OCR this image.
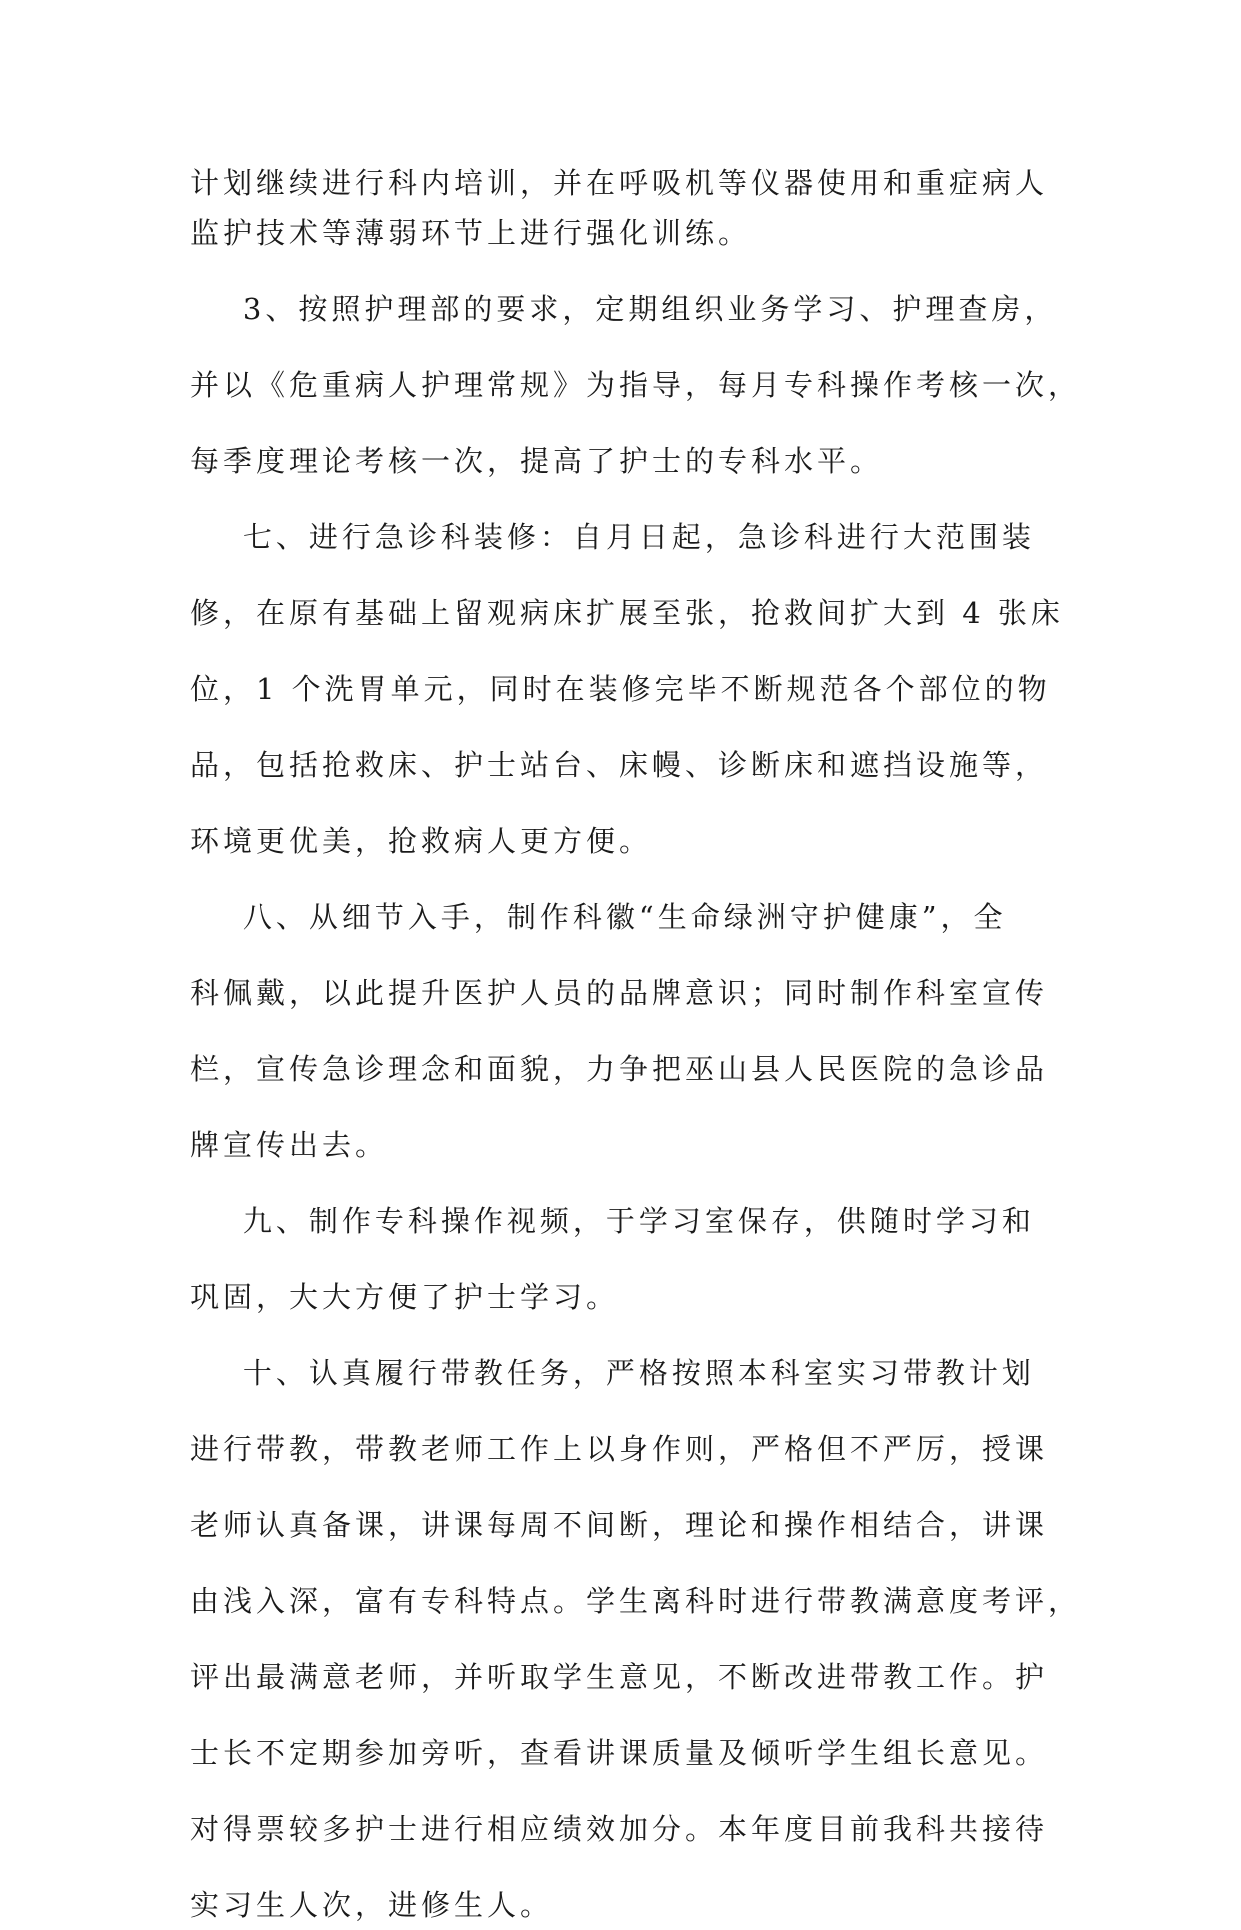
计划继续进行科内培训，并在呼吸机等仪器使用和重症病人
监护技术等薄弱环节上进行强化训练。
3、按照护理部的要求，定期组织业务学习、护理查房，
并以《危重病人护理常规》为指导，每月专科操作考核一次，
每季度理论考核一次，提高了护士的专科水平。
七、进行急诊科装修：自月日起，急诊科进行大范围装
修，在原有基础上留观病床扩展至张，抢救间扩大到 4 张床
位，1 个洗胃单元，同时在装修完毕不断规范各个部位的物
品，包括抢救床、护士站台、床幔、诊断床和遮挡设施等，
环境更优美，抢救病人更方便。
八、从细节入手，制作科徽“生命绿洲守护健康”，全
科佩戴，以此提升医护人员的品牌意识；同时制作科室宣传
栏，宣传急诊理念和面貌，力争把巫山县人民医院的急诊品
牌宣传出去。
九、制作专科操作视频，于学习室保存，供随时学习和
巩固，大大方便了护士学习。
十、认真履行带教任务，严格按照本科室实习带教计划
进行带教，带教老师工作上以身作则，严格但不严厉，授课
老师认真备课，讲课每周不间断，理论和操作相结合，讲课
由浅入深，富有专科特点。学生离科时进行带教满意度考评，
评出最满意老师，并听取学生意见，不断改进带教工作。护
士长不定期参加旁听，查看讲课质量及倾听学生组长意见。
对得票较多护士进行相应绩效加分。本年度目前我科共接待
实习生人次，进修生人。
